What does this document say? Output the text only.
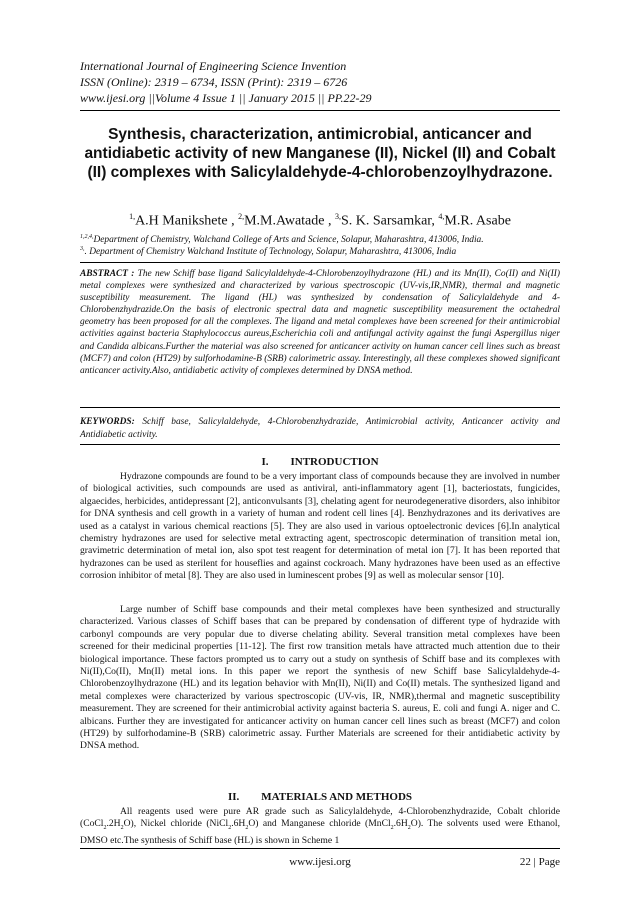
International Journal of Engineering Science Invention
ISSN (Online): 2319 – 6734, ISSN (Print): 2319 – 6726
www.ijesi.org ||Volume 4 Issue 1 || January 2015 || PP.22-29
Synthesis, characterization, antimicrobial, anticancer and antidiabetic activity of new Manganese (II), Nickel (II) and Cobalt (II) complexes with Salicylaldehyde-4-chlorobenzoylhydrazone.
$^{1,}$A.H Manikshete , $^{2,}$M.M.Awatade , $^{3,}$S. K. Sarsamkar, $^{4,}$M.R. Asabe
$^{1,2,4,}$Department of Chemistry, Walchand College of Arts and Science, Solapur, Maharashtra, 413006, India.
$^{3,}$. Department of Chemistry Walchand Institute of Technology, Solapur, Maharashtra, 413006, India
ABSTRACT : The new Schiff base ligand Salicylaldehyde-4-Chlorobenzoylhydrazone (HL) and its Mn(II), Co(II) and Ni(II) metal complexes were synthesized and characterized by various spectroscopic (UV-vis,IR,NMR), thermal and magnetic susceptibility measurement. The ligand (HL) was synthesized by condensation of Salicylaldehyde and 4-Chlorobenzhydrazide.On the basis of electronic spectral data and magnetic susceptibility measurement the octahedral geometry has been proposed for all the complexes. The ligand and metal complexes have been screened for their antimicrobial activities against bacteria Staphylococcus aureus,Escherichia coli and antifungal activity against the fungi Aspergillus niger and Candida albicans.Further the material was also screened for anticancer activity on human cancer cell lines such as breast (MCF7) and colon (HT29) by sulforhodamine-B (SRB) calorimetric assay. Interestingly, all these complexes showed significant anticancer activity.Also, antidiabetic activity of complexes determined by DNSA method.
KEYWORDS: Schiff base, Salicylaldehyde, 4-Chlorobenzhydrazide, Antimicrobial activity, Anticancer activity and Antidiabetic activity.
I. INTRODUCTION
Hydrazone compounds are found to be a very important class of compounds because they are involved in number of biological activities, such compounds are used as antiviral, anti-inflammatory agent [1], bacteriostats, fungicides, algaecides, herbicides, antidepressant [2], anticonvulsants [3], chelating agent for neurodegenerative disorders, also inhibitor for DNA synthesis and cell growth in a variety of human and rodent cell lines [4]. Benzhydrazones and its derivatives are used as a catalyst in various chemical reactions [5]. They are also used in various optoelectronic devices [6].In analytical chemistry hydrazones are used for selective metal extracting agent, spectroscopic determination of transition metal ion, gravimetric determination of metal ion, also spot test reagent for determination of metal ion [7]. It has been reported that hydrazones can be used as sterilent for houseflies and against cockroach. Many hydrazones have been used as an effective corrosion inhibitor of metal [8]. They are also used in luminescent probes [9] as well as molecular sensor [10].
Large number of Schiff base compounds and their metal complexes have been synthesized and structurally characterized. Various classes of Schiff bases that can be prepared by condensation of different type of hydrazide with carbonyl compounds are very popular due to diverse chelating ability. Several transition metal complexes have been screened for their medicinal properties [11-12]. The first row transition metals have attracted much attention due to their biological importance. These factors prompted us to carry out a study on synthesis of Schiff base and its complexes with Ni(II),Co(II), Mn(II) metal ions. In this paper we report the synthesis of new Schiff base Salicylaldehyde-4-Chlorobenzoylhydrazone (HL) and its legation behavior with Mn(II), Ni(II) and Co(II) metals. The synthesized ligand and metal complexes were characterized by various spectroscopic (UV-vis, IR, NMR),thermal and magnetic susceptibility measurement. They are screened for their antimicrobial activity against bacteria S. aureus, E. coli and fungi A. niger and C. albicans. Further they are investigated for anticancer activity on human cancer cell lines such as breast (MCF7) and colon (HT29) by sulforhodamine-B (SRB) calorimetric assay. Further Materials are screened for their antidiabetic activity by DNSA method.
II. MATERIALS AND METHODS
All reagents used were pure AR grade such as Salicylaldehyde, 4-Chlorobenzhydrazide, Cobalt chloride $(CoCl_2.2H_2O)$, Nickel chloride $(NiCl_2.6H_2O)$ and Manganese chloride $(MnCl_2.6H_2O)$. The solvents used were Ethanol, DMSO etc.The synthesis of Schiff base (HL) is shown in Scheme 1
www.ijesi.org	22 | Page
